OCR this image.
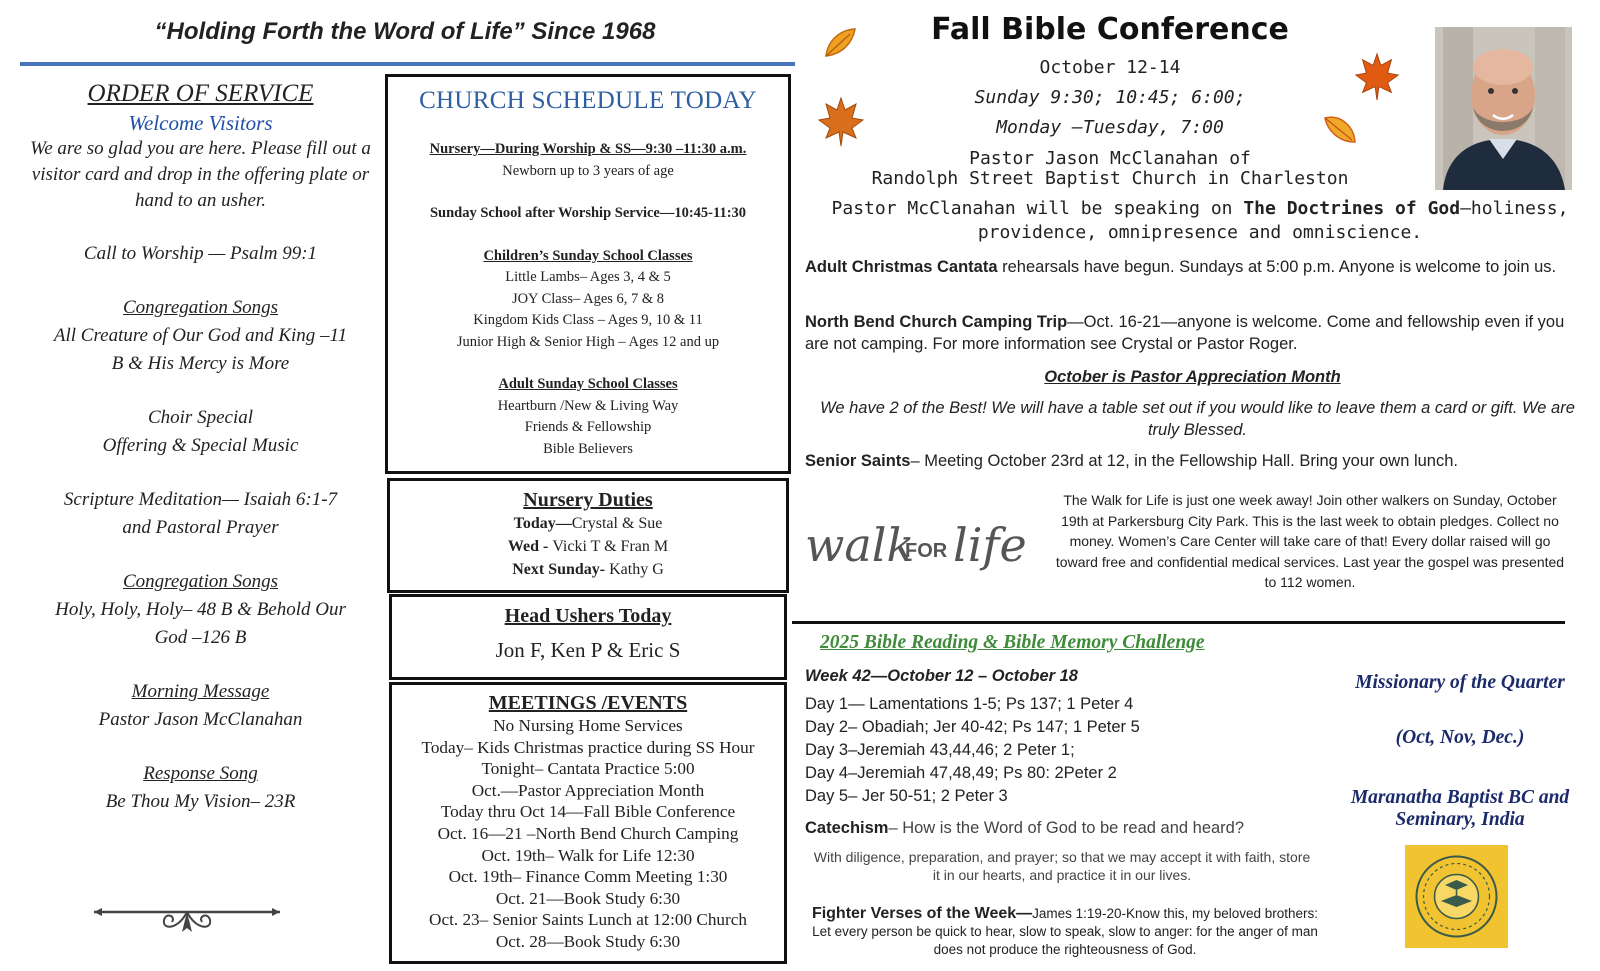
“Holding Forth the Word of Life” Since 1968
ORDER OF SERVICE
Welcome Visitors

We are so glad you are here. Please fill out a visitor card and drop in the offering plate or hand to an usher.

Call to Worship — Psalm 99:1
Congregation Songs
All Creature of Our God and King –11
B & His Mercy is More
Choir Special
Offering & Special Music
Scripture Meditation— Isaiah 6:1-7
and Pastoral Prayer
Congregation Songs
Holy, Holy, Holy– 48 B & Behold Our
God –126 B
Morning Message
Pastor Jason McClanahan
Response Song
Be Thou My Vision– 23R
CHURCH SCHEDULE TODAY
Nursery—During Worship & SS—9:30 –11:30 a.m.
Newborn up to 3 years of age
Sunday School after Worship Service—10:45-11:30
Children’s Sunday School Classes
Little Lambs– Ages 3, 4 & 5
JOY Class– Ages 6, 7 & 8
Kingdom Kids Class – Ages 9, 10 & 11
Junior High & Senior High – Ages 12 and up
Adult Sunday School Classes
Heartburn /New & Living Way
Friends & Fellowship
Bible Believers
Nursery Duties
Today—Crystal & Sue
Wed - Vicki T & Fran M
Next Sunday- Kathy G
Head Ushers Today
Jon F, Ken P & Eric S
MEETINGS /EVENTS
No Nursing Home Services
Today– Kids Christmas practice during SS Hour
Tonight– Cantata Practice 5:00
Oct.—Pastor Appreciation Month
Today thru Oct 14—Fall Bible Conference
Oct. 16—21 –North Bend Church Camping
Oct. 19th– Walk for Life 12:30
Oct. 19th– Finance Comm Meeting 1:30
Oct. 21—Book Study 6:30
Oct. 23– Senior Saints Lunch at 12:00 Church
Oct. 28—Book Study 6:30
Fall Bible Conference
October 12-14
Sunday 9:30; 10:45; 6:00;
Monday –Tuesday, 7:00
Pastor Jason McClanahan of
Randolph Street Baptist Church in Charleston
Pastor McClanahan will be speaking on The Doctrines of God—holiness, providence, omnipresence and omniscience.
Adult Christmas Cantata rehearsals have begun. Sundays at 5:00 p.m. Anyone is welcome to join us.
North Bend Church Camping Trip—Oct. 16-21—anyone is welcome. Come and fellowship even if you are not camping. For more information see Crystal or Pastor Roger.
October is Pastor Appreciation Month
We have 2 of the Best! We will have a table set out if you would like to leave them a card or gift. We are truly Blessed.
Senior Saints– Meeting October 23rd at 12, in the Fellowship Hall. Bring your own lunch.
walk
FOR life
The Walk for Life is just one week away! Join other walkers on Sunday, October 19th at Parkersburg City Park. This is the last week to obtain pledges. Collect no money. Women’s Care Center will take care of that! Every dollar raised will go toward free and confidential medical services. Last year the gospel was presented to 112 women.
2025 Bible Reading & Bible Memory Challenge
Week 42—October 12 – October 18
Day 1— Lamentations 1-5; Ps 137; 1 Peter 4
Day 2– Obadiah; Jer 40-42; Ps 147; 1 Peter 5
Day 3–Jeremiah 43,44,46; 2 Peter 1;
Day 4–Jeremiah 47,48,49; Ps 80: 2Peter 2
Day 5– Jer 50-51; 2 Peter 3
Catechism– How is the Word of God to be read and heard?
With diligence, preparation, and prayer; so that we may accept it with faith, store it in our hearts, and practice it in our lives.
Fighter Verses of the Week—James 1:19-20-Know this, my beloved brothers: Let every person be quick to hear, slow to speak, slow to anger: for the anger of man does not produce the righteousness of God.
Missionary of the Quarter
(Oct, Nov, Dec.)
Maranatha Baptist BC and Seminary, India
